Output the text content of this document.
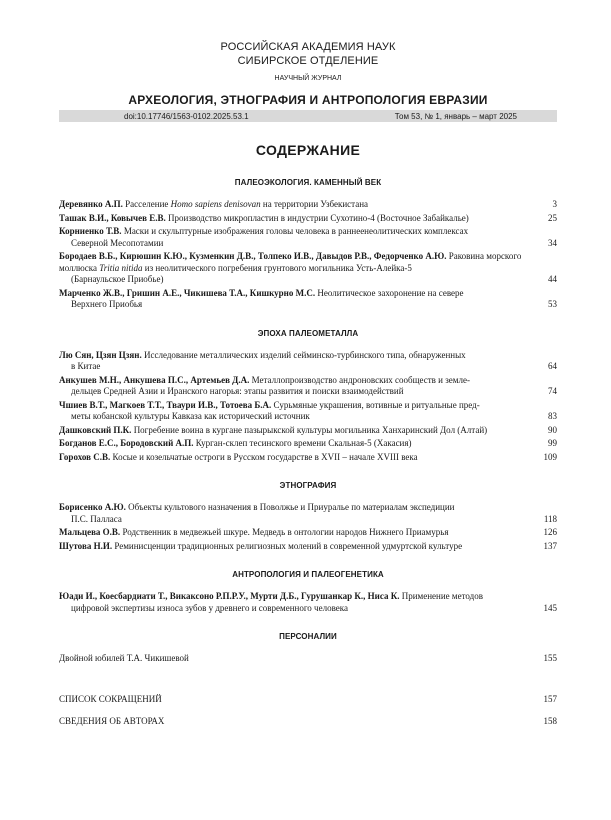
РОССИЙСКАЯ АКАДЕМИЯ НАУК
СИБИРСКОЕ ОТДЕЛЕНИЕ
НАУЧНЫЙ ЖУРНАЛ
АРХЕОЛОГИЯ, ЭТНОГРАФИЯ И АНТРОПОЛОГИЯ ЕВРАЗИИ
doi:10.17746/1563-0102.2025.53.1	Том 53, № 1, январь – март 2025
СОДЕРЖАНИЕ
ПАЛЕОЭКОЛОГИЯ. КАМЕННЫЙ ВЕК
Деревянко А.П. Расселение Homo sapiens denisovan на территории Узбекистана	3
Ташак В.И., Ковычев Е.В. Производство микропластин в индустрии Сухотино-4 (Восточное Забайкалье)	25
Корниенко Т.В. Маски и скульптурные изображения головы человека в раннеенеолитических комплексах
Северной Месопотамии	34
Бородаев В.Б., Кирюшин К.Ю., Кузменкин Д.В., Толпеко И.В., Давыдов Р.В., Федорченко А.Ю. Раковина морского моллюска Tritia nitida из неолитического погребения грунтового могильника Усть-Алейка-5
(Барнаульское Приобье)	44
Марченко Ж.В., Гришин А.Е., Чикишева Т.А., Кишкурно М.С. Неолитическое захоронение на севере
Верхнего Приобья	53
ЭПОХА ПАЛЕОМЕТАЛЛА
Лю Сян, Цзян Цзян. Исследование металлических изделий сейминско-турбинского типа, обнаруженных
в Китае	64
Анкушев М.Н., Анкушева П.С., Артемьев Д.А. Металлопроизводство андроновских сообществ и земле-
дельцев Средней Азии и Иранского нагорья: этапы развития и поиски взаимодействий	74
Чшиев В.Т., Магкоев Т.Т., Тваури И.В., Тотоева Б.А. Сурьмяные украшения, вотивные и ритуальные пред-
меты кобанской культуры Кавказа как исторический источник	83
Дашковский П.К. Погребение воина в кургане пазырыкской культуры могильника Ханхаринский Дол (Алтай)	90
Богданов Е.С., Бородовский А.П. Курган-склеп тесинского времени Скальная-5 (Хакасия)	99
Горохов С.В. Косые и козельчатые остроги в Русском государстве в XVII – начале XVIII века	109
ЭТНОГРАФИЯ
Борисенко А.Ю. Объекты культового назначения в Поволжье и Приуралье по материалам экспедиции
П.С. Палласа	118
Мальцева О.В. Родственник в медвежьей шкуре. Медведь в онтологии народов Нижнего Приамурья	126
Шутова Н.И. Реминисценции традиционных религиозных молений в современной удмуртской культуре	137
АНТРОПОЛОГИЯ И ПАЛЕОГЕНЕТИКА
Юади И., Коесбардиати Т., Викаксоно Р.П.Р.У., Мурти Д.Б., Гурушанкар К., Ниса К. Применение методов
цифровой экспертизы износа зубов у древнего и современного человека	145
ПЕРСОНАЛИИ
Двойной юбилей Т.А. Чикишевой	155
СПИСОК СОКРАЩЕНИЙ	157
СВЕДЕНИЯ ОБ АВТОРАХ	158
